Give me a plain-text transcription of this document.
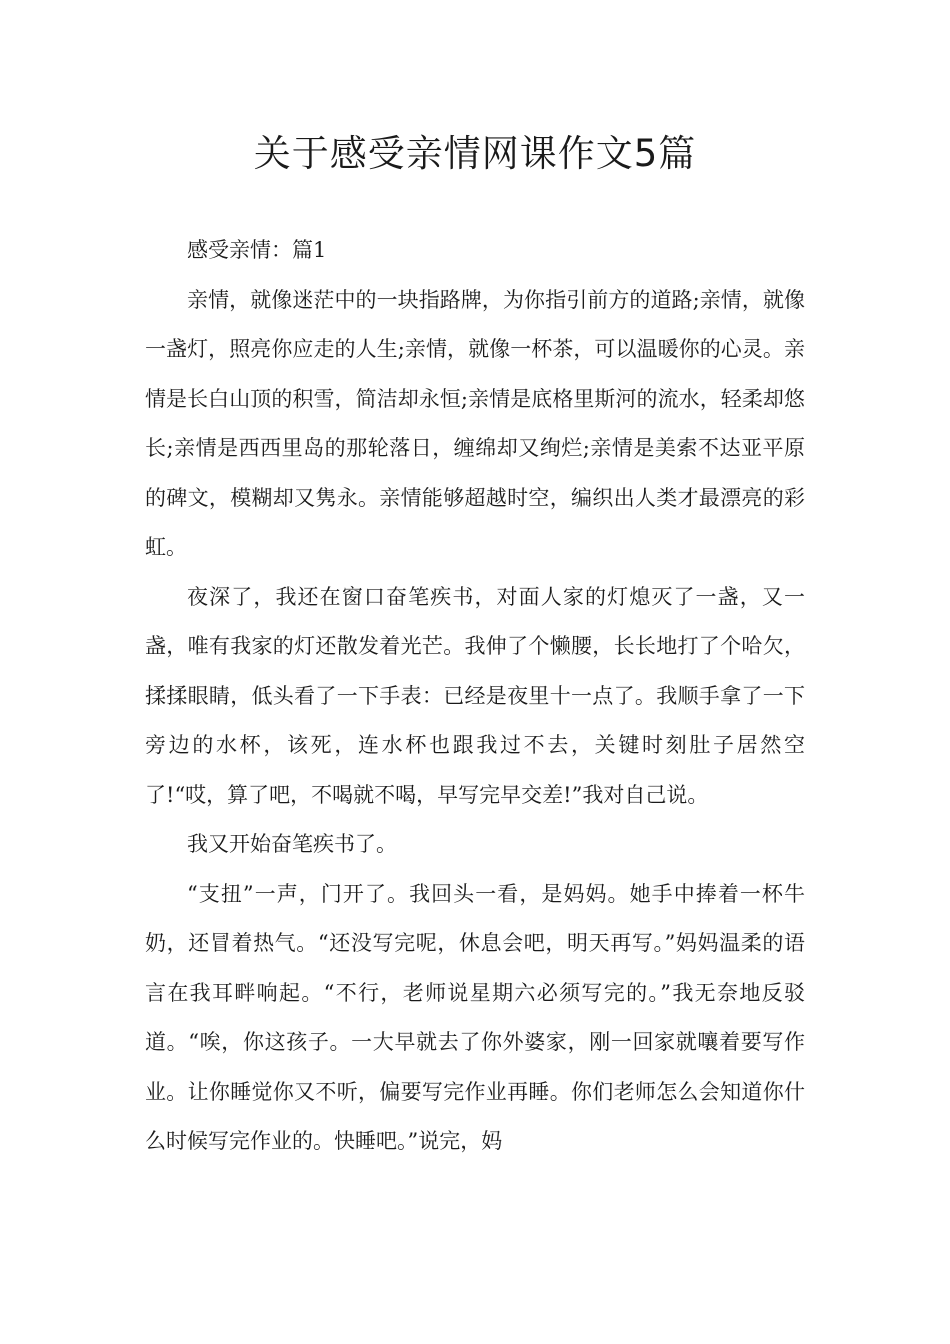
关于感受亲情网课作文5篇

感受亲情：篇1

亲情，就像迷茫中的一块指路牌，为你指引前方的道路;亲情，就像一盏灯，照亮你应走的人生;亲情，就像一杯茶，可以温暖你的心灵。亲情是长白山顶的积雪，简洁却永恒;亲情是底格里斯河的流水，轻柔却悠长;亲情是西西里岛的那轮落日，缠绵却又绚烂;亲情是美索不达亚平原的碑文，模糊却又隽永。亲情能够超越时空，编织出人类才最漂亮的彩虹。

夜深了，我还在窗口奋笔疾书，对面人家的灯熄灭了一盏，又一盏，唯有我家的灯还散发着光芒。我伸了个懒腰，长长地打了个哈欠，揉揉眼睛，低头看了一下手表：已经是夜里十一点了。我顺手拿了一下旁边的水杯，该死，连水杯也跟我过不去，关键时刻肚子居然空了!“哎，算了吧，不喝就不喝，早写完早交差!”我对自己说。

我又开始奋笔疾书了。

“支扭”一声，门开了。我回头一看，是妈妈。她手中捧着一杯牛奶，还冒着热气。“还没写完呢，休息会吧，明天再写。”妈妈温柔的语言在我耳畔响起。“不行，老师说星期六必须写完的。”我无奈地反驳道。“唉，你这孩子。一大早就去了你外婆家，刚一回家就嚷着要写作业。让你睡觉你又不听，偏要写完作业再睡。你们老师怎么会知道你什么时候写完作业的。快睡吧。”说完，妈
